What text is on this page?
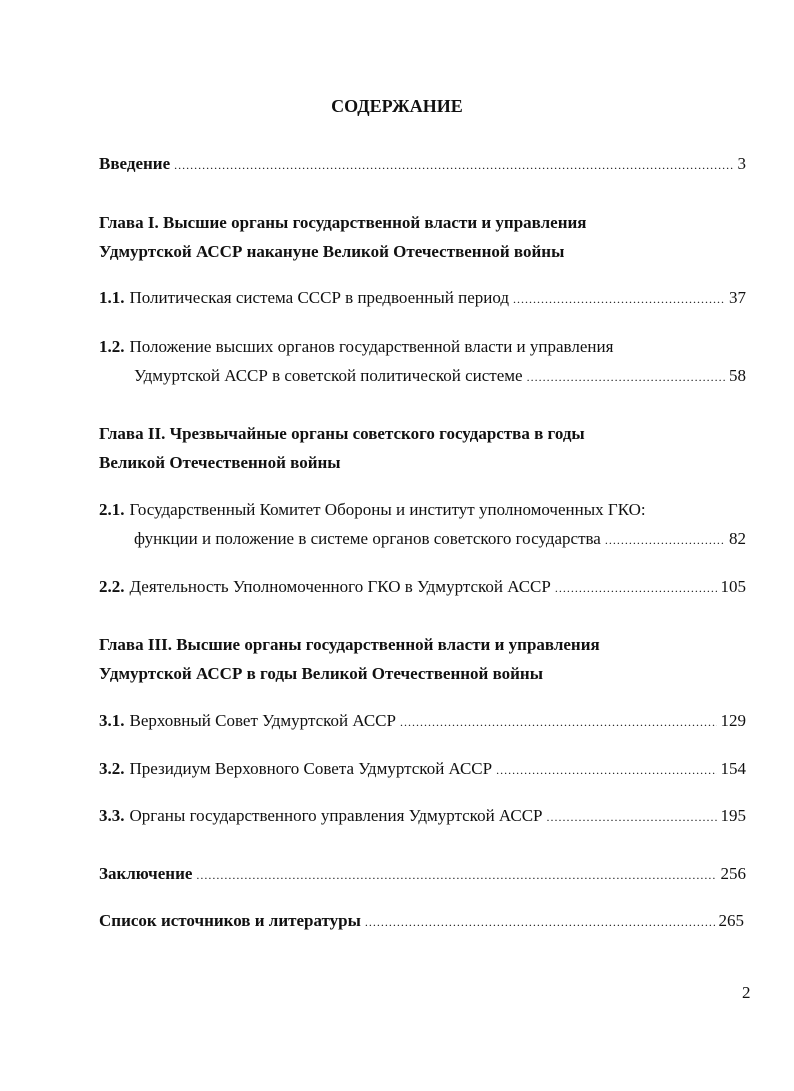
СОДЕРЖАНИЕ
Введение .....	3
Глава I. Высшие органы государственной власти и управления
Удмуртской АССР накануне Великой Отечественной войны
1.1. Политическая система СССР в предвоенный период .....	37
1.2. Положение высших органов государственной власти и управления
Удмуртской АССР в советской политической системе .....	58
Глава II. Чрезвычайные органы советского государства в годы
Великой Отечественной войны
2.1. Государственный Комитет Обороны и институт уполномоченных ГКО:
функции и положение в системе органов советского государства .....	82
2.2. Деятельность Уполномоченного ГКО в Удмуртской АССР .....	105
Глава III. Высшие органы государственной власти и управления
Удмуртской АССР в годы Великой Отечественной войны
3.1. Верховный Совет Удмуртской АССР .....	129
3.2. Президиум Верховного Совета Удмуртской АССР .....	154
3.3. Органы государственного управления Удмуртской АССР .....	195
Заключение .....	256
Список источников и литературы .....	265
2
